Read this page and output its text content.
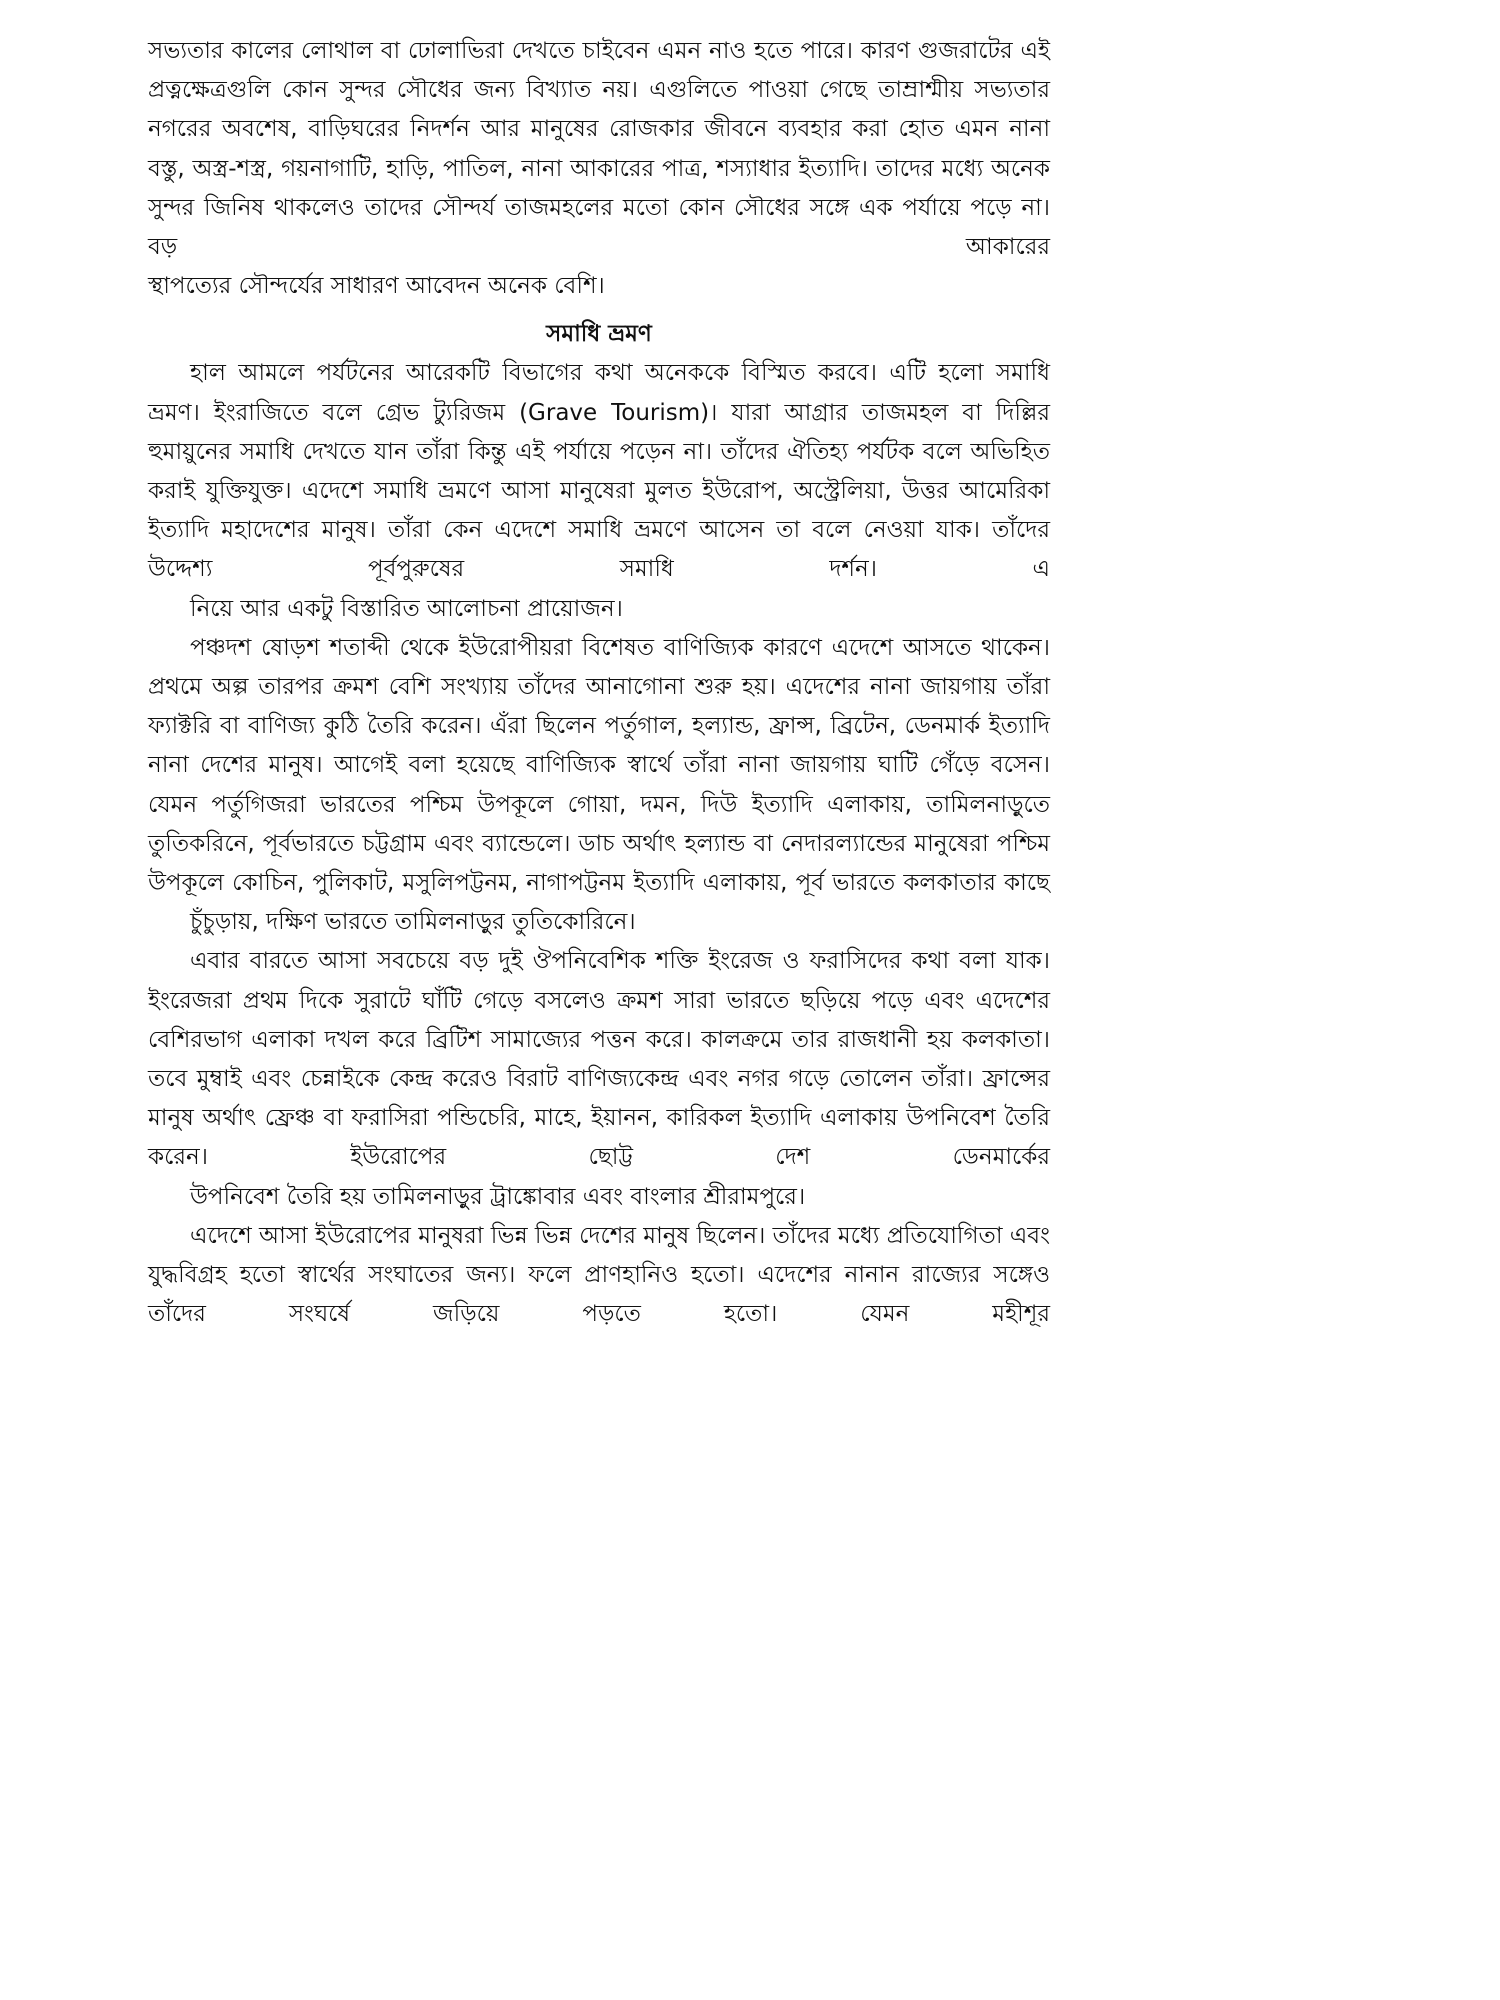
সভ্যতার কালের লোথাল বা ঢোলাভিরা দেখতে চাইবেন এমন নাও হতে পারে। কারণ গুজরাটের এই প্রত্নক্ষেত্রগুলি কোন সুন্দর সৌধের জন্য বিখ্যাত নয়। এগুলিতে পাওয়া গেছে তাম্রাশ্মীয় সভ্যতার নগরের অবশেষ, বাড়িঘরের নিদর্শন আর মানুষের রোজকার জীবনে ব্যবহার করা হোত এমন নানা বস্তু, অস্ত্র-শস্ত্র, গয়নাগাটি, হাড়ি, পাতিল, নানা আকারের পাত্র, শস্যাধার ইত্যাদি। তাদের মধ্যে অনেক সুন্দর জিনিষ থাকলেও তাদের সৌন্দর্য তাজমহলের মতো কোন সৌধের সঙ্গে এক পর্যায়ে পড়ে না। বড় আকারের
স্থাপত্যের সৌন্দর্যের সাধারণ আবেদন অনেক বেশি।

সমাধি ভ্রমণ

হাল আমলে পর্যটনের আরেকটি বিভাগের কথা অনেককে বিস্মিত করবে। এটি হলো সমাধি ভ্রমণ। ইংরাজিতে বলে গ্রেভ ট্যুরিজম (Grave Tourism)। যারা আগ্রার তাজমহল বা দিল্লির হুমায়ুনের সমাধি দেখতে যান তাঁরা কিন্তু এই পর্যায়ে পড়েন না। তাঁদের ঐতিহ্য পর্যটক বলে অভিহিত করাই যুক্তিযুক্ত। এদেশে সমাধি ভ্রমণে আসা মানুষেরা মুলত ইউরোপ, অস্ট্রেলিয়া, উত্তর আমেরিকা ইত্যাদি মহাদেশের মানুষ। তাঁরা কেন এদেশে সমাধি ভ্রমণে আসেন তা বলে নেওয়া যাক। তাঁদের উদ্দেশ্য পূর্বপুরুষের সমাধি দর্শন। এ
নিয়ে আর একটু বিস্তারিত আলোচনা প্রায়োজন।

পঞ্চদশ ষোড়শ শতাব্দী থেকে ইউরোপীয়রা বিশেষত বাণিজ্যিক কারণে এদেশে আসতে থাকেন। প্রথমে অল্প তারপর ক্রমশ বেশি সংখ্যায় তাঁদের আনাগোনা শুরু হয়। এদেশের নানা জায়গায় তাঁরা ফ্যাক্টরি বা বাণিজ্য কুঠি তৈরি করেন। এঁরা ছিলেন পর্তুগাল, হল্যান্ড, ফ্রান্স, ব্রিটেন, ডেনমার্ক ইত্যাদি নানা দেশের মানুষ। আগেই বলা হয়েছে বাণিজ্যিক স্বার্থে তাঁরা নানা জায়গায় ঘাটি গেঁড়ে বসেন। যেমন পর্তুগিজরা ভারতের পশ্চিম উপকূলে গোয়া, দমন, দিউ ইত্যাদি এলাকায়, তামিলনাড়ুতে তুতিকরিনে, পূর্বভারতে চট্টগ্রাম এবং ব্যান্ডেলে। ডাচ অর্থাৎ হল্যান্ড বা নেদারল্যান্ডের মানুষেরা পশ্চিম উপকূলে কোচিন, পুলিকাট, মসুলিপট্টনম, নাগাপট্টনম ইত্যাদি এলাকায়, পূর্ব ভারতে কলকাতার কাছে
চুঁচুড়ায়, দক্ষিণ ভারতে তামিলনাড়ুর তুতিকোরিনে।

এবার বারতে আসা সবচেয়ে বড় দুই ঔপনিবেশিক শক্তি ইংরেজ ও ফরাসিদের কথা বলা যাক। ইংরেজরা প্রথম দিকে সুরাটে ঘাঁটি গেড়ে বসলেও ক্রমশ সারা ভারতে ছড়িয়ে পড়ে এবং এদেশের বেশিরভাগ এলাকা দখল করে ব্রিটিশ সামাজ্যের পত্তন করে। কালক্রমে তার রাজধানী হয় কলকাতা। তবে মুম্বাই এবং চেন্নাইকে কেন্দ্র করেও বিরাট বাণিজ্যকেন্দ্র এবং নগর গড়ে তোলেন তাঁরা। ফ্রান্সের মানুষ অর্থাৎ ফ্রেঞ্চ বা ফরাসিরা পন্ডিচেরি, মাহে, ইয়ানন, কারিকল ইত্যাদি এলাকায় উপনিবেশ তৈরি করেন। ইউরোপের ছোট্ট দেশ ডেনমার্কের
উপনিবেশ তৈরি হয় তামিলনাড়ুর ট্রাঙ্কোবার এবং বাংলার শ্রীরামপুরে।

এদেশে আসা ইউরোপের মানুষরা ভিন্ন ভিন্ন দেশের মানুষ ছিলেন। তাঁদের মধ্যে প্রতিযোগিতা এবং যুদ্ধবিগ্রহ হতো স্বার্থের সংঘাতের জন্য। ফলে প্রাণহানিও হতো। এদেশের নানান রাজ্যের সঙ্গেও তাঁদের সংঘর্ষে জড়িয়ে পড়তে হতো। যেমন মহীশূর
